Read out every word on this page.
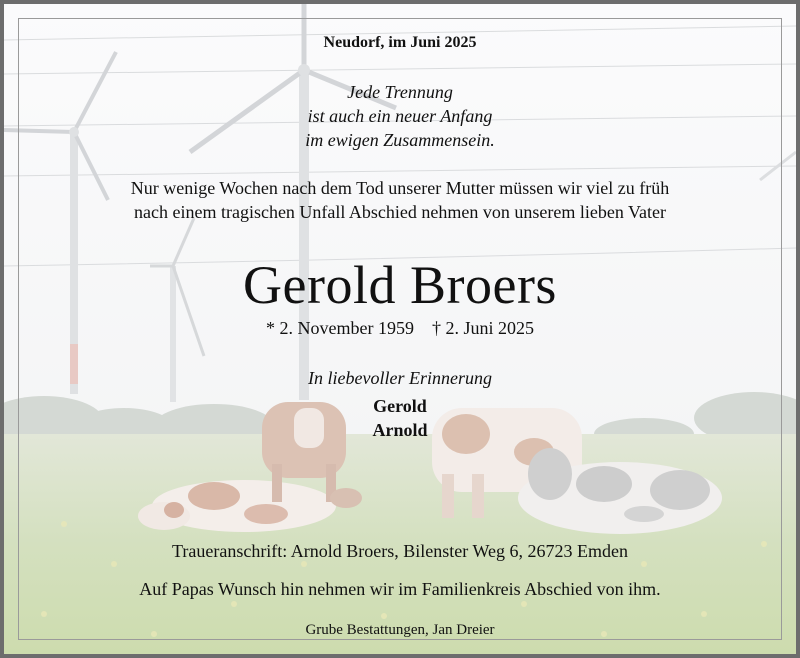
Neudorf, im Juni 2025
Jede Trennung
ist auch ein neuer Anfang
im ewigen Zusammensein.
Nur wenige Wochen nach dem Tod unserer Mutter müssen wir viel zu früh
nach einem tragischen Unfall Abschied nehmen von unserem lieben Vater
Gerold Broers
* 2. November 1959 † 2. Juni 2025
In liebevoller Erinnerung
Gerold
Arnold
Traueranschrift: Arnold Broers, Bilenster Weg 6, 26723 Emden
Auf Papas Wunsch hin nehmen wir im Familienkreis Abschied von ihm.
Grube Bestattungen, Jan Dreier
